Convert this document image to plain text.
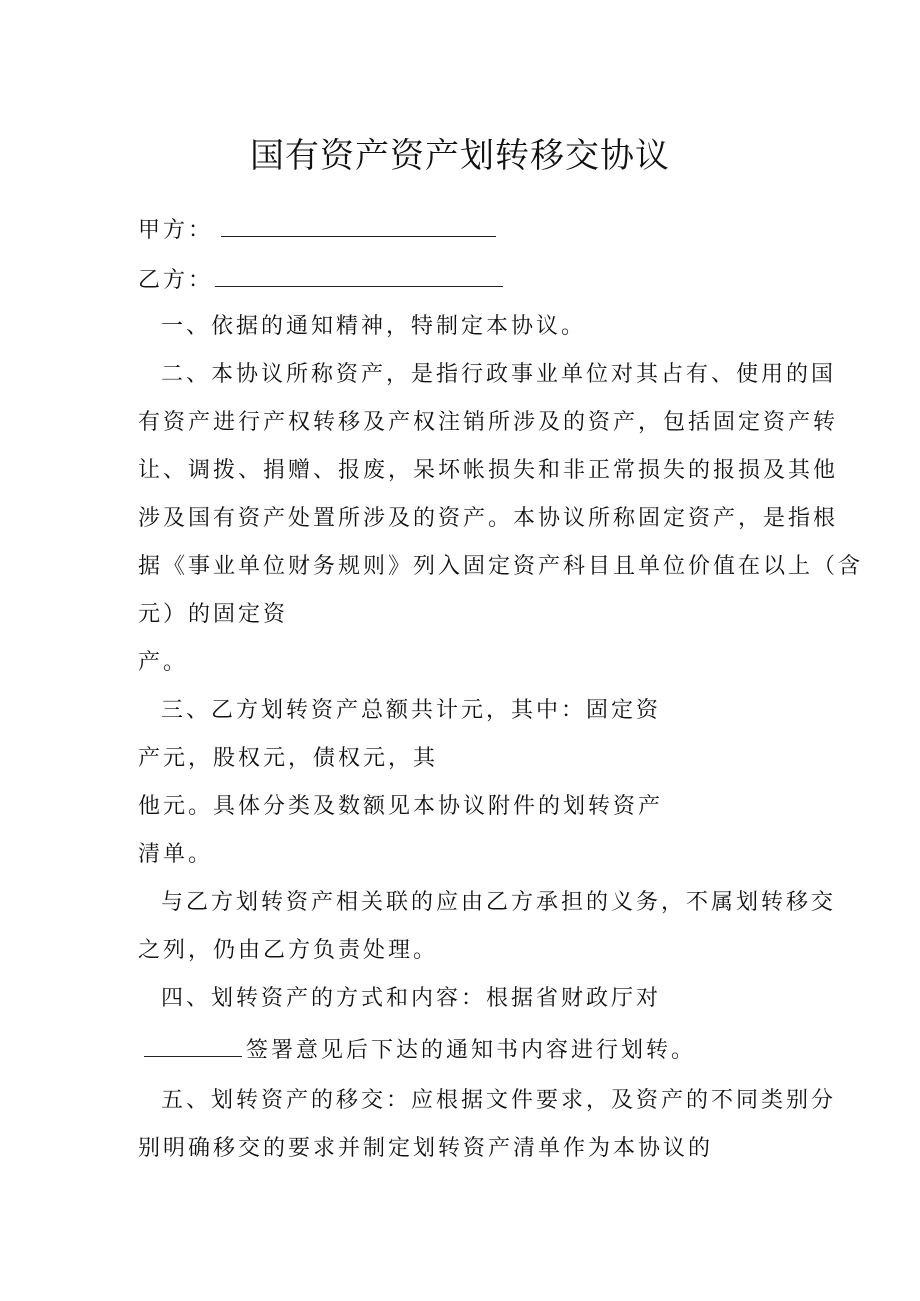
国有资产资产划转移交协议

甲方：

乙方：

一、依据的通知精神，特制定本协议。

二、本协议所称资产，是指行政事业单位对其占有、使用的国

有资产进行产权转移及产权注销所涉及的资产，包括固定资产转

让、调拨、捐赠、报废，呆坏帐损失和非正常损失的报损及其他

涉及国有资产处置所涉及的资产。本协议所称固定资产，是指根

据《事业单位财务规则》列入固定资产科目且单位价值在以上（含

元）的固定资

产。

三、乙方划转资产总额共计元，其中：固定资

产元，股权元，债权元，其

他元。具体分类及数额见本协议附件的划转资产

清单。

与乙方划转资产相关联的应由乙方承担的义务，不属划转移交

之列，仍由乙方负责处理。

四、划转资产的方式和内容：根据省财政厅对

签署意见后下达的通知书内容进行划转。

五、划转资产的移交：应根据文件要求，及资产的不同类别分

别明确移交的要求并制定划转资产清单作为本协议的
